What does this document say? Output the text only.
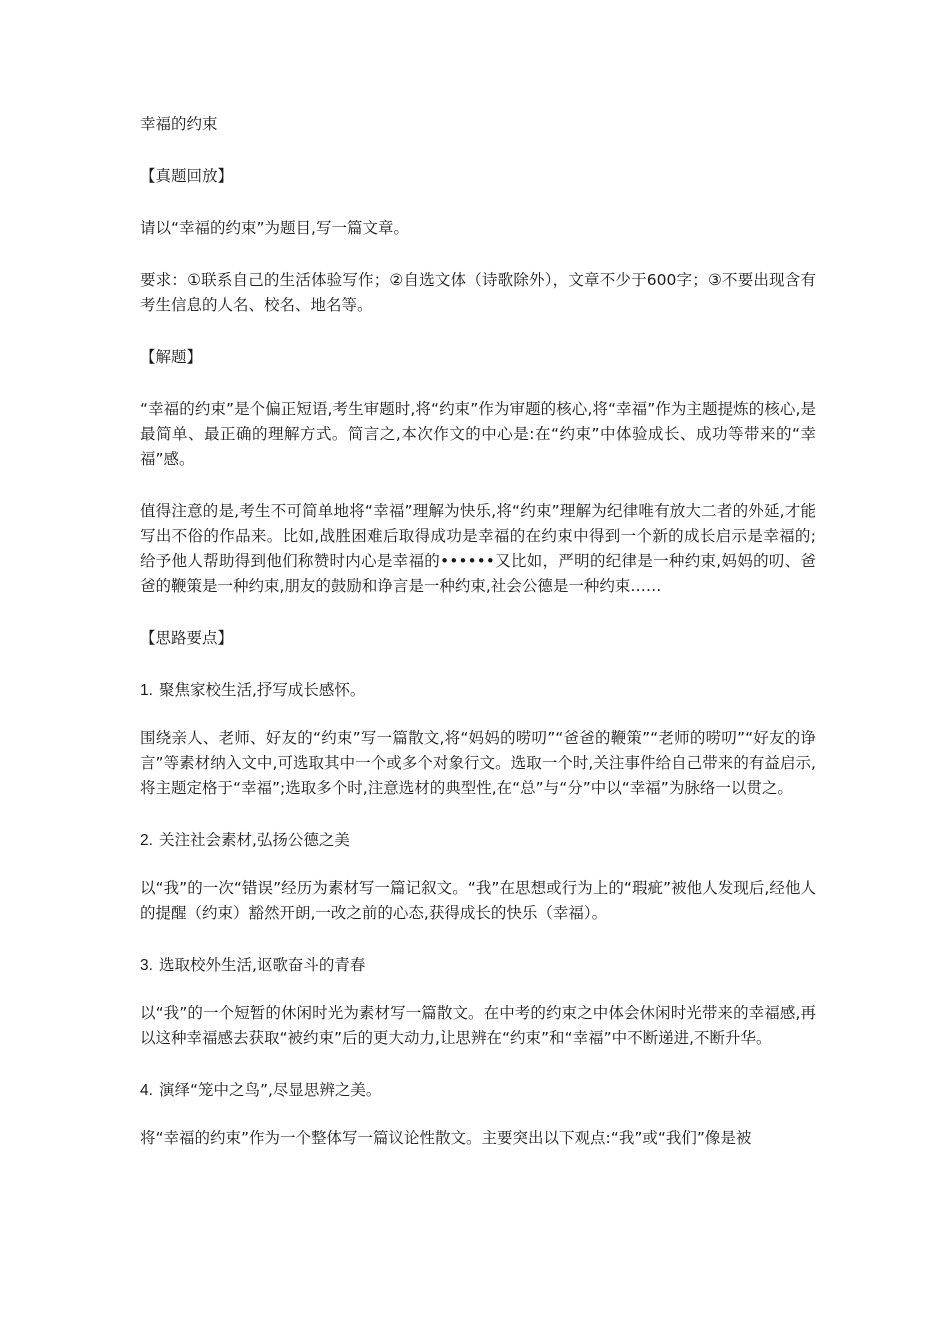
幸福的约束

【真题回放】

请以“幸福的约束”为题目,写一篇文章。

要求：①联系自己的生活体验写作；②自选文体（诗歌除外），文章不少于600字；③不要出现含有考生信息的人名、校名、地名等。

【解题】

“幸福的约束”是个偏正短语,考生审题时,将“约束”作为审题的核心,将“幸福”作为主题提炼的核心,是最简单、最正确的理解方式。简言之,本次作文的中心是:在“约束”中体验成长、成功等带来的“幸福”感。

值得注意的是,考生不可简单地将“幸福”理解为快乐,将“约束”理解为纪律唯有放大二者的外延,才能写出不俗的作品来。比如,战胜困难后取得成功是幸福的在约束中得到一个新的成长启示是幸福的;给予他人帮助得到他们称赞时内心是幸福的••••••又比如，严明的纪律是一种约束,妈妈的叨、爸爸的鞭策是一种约束,朋友的鼓励和诤言是一种约束,社会公德是一种约束……

【思路要点】

1. 聚焦家校生活,抒写成长感怀。

围绕亲人、老师、好友的“约束”写一篇散文,将“妈妈的唠叨”“爸爸的鞭策”“老师的唠叨”“好友的诤言”等素材纳入文中,可选取其中一个或多个对象行文。选取一个时,关注事件给自己带来的有益启示,将主题定格于“幸福”;选取多个时,注意选材的典型性,在“总”与“分”中以“幸福”为脉络一以贯之。

2. 关注社会素材,弘扬公德之美

以“我”的一次“错误”经历为素材写一篇记叙文。“我”在思想或行为上的“瑕疵”被他人发现后,经他人的提醒（约束）豁然开朗,一改之前的心态,获得成长的快乐（幸福）。

3. 选取校外生活,讴歌奋斗的青春

以“我”的一个短暂的休闲时光为素材写一篇散文。在中考的约束之中体会休闲时光带来的幸福感,再以这种幸福感去获取“被约束”后的更大动力,让思辨在“约束”和“幸福”中不断递进,不断升华。

4. 演绎“笼中之鸟”,尽显思辨之美。

将“幸福的约束”作为一个整体写一篇议论性散文。主要突出以下观点:“我”或“我们”像是被
